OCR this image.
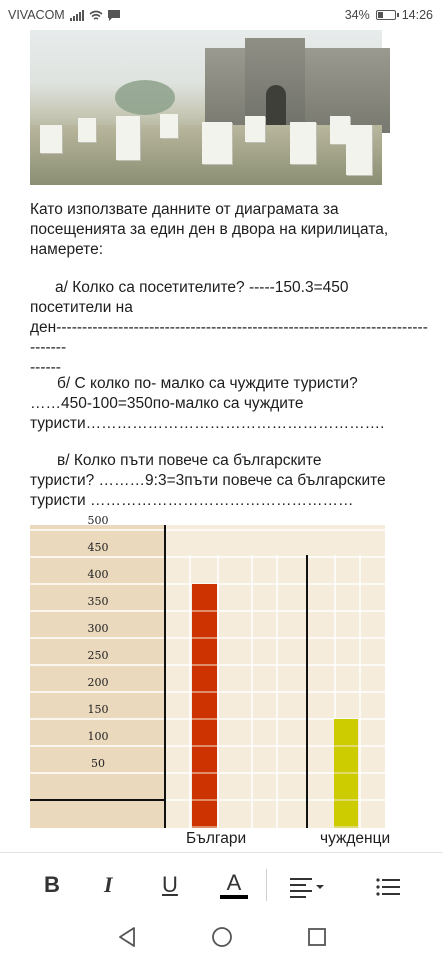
VIVACOM	34%	14:26
Като използвате данните от диаграмата за
посещенията за един ден в двора на кирилицата,
намерете:
а/ Колко са посетителите? -----150.3=450
посетители на
ден-------------------------------------------------------------------------------
------
б/ С колко по- малко са чуждите туристи?
……450-100=350по-малко са чуждите
туристи………………………………………………….
в/ Колко пъти повече са българските
туристи? ………9:3=3пъти повече са българските
туристи ……………………………………………
50
100
150
200
250
300
350
400
450
500
Българи	чужденци
B I U A
